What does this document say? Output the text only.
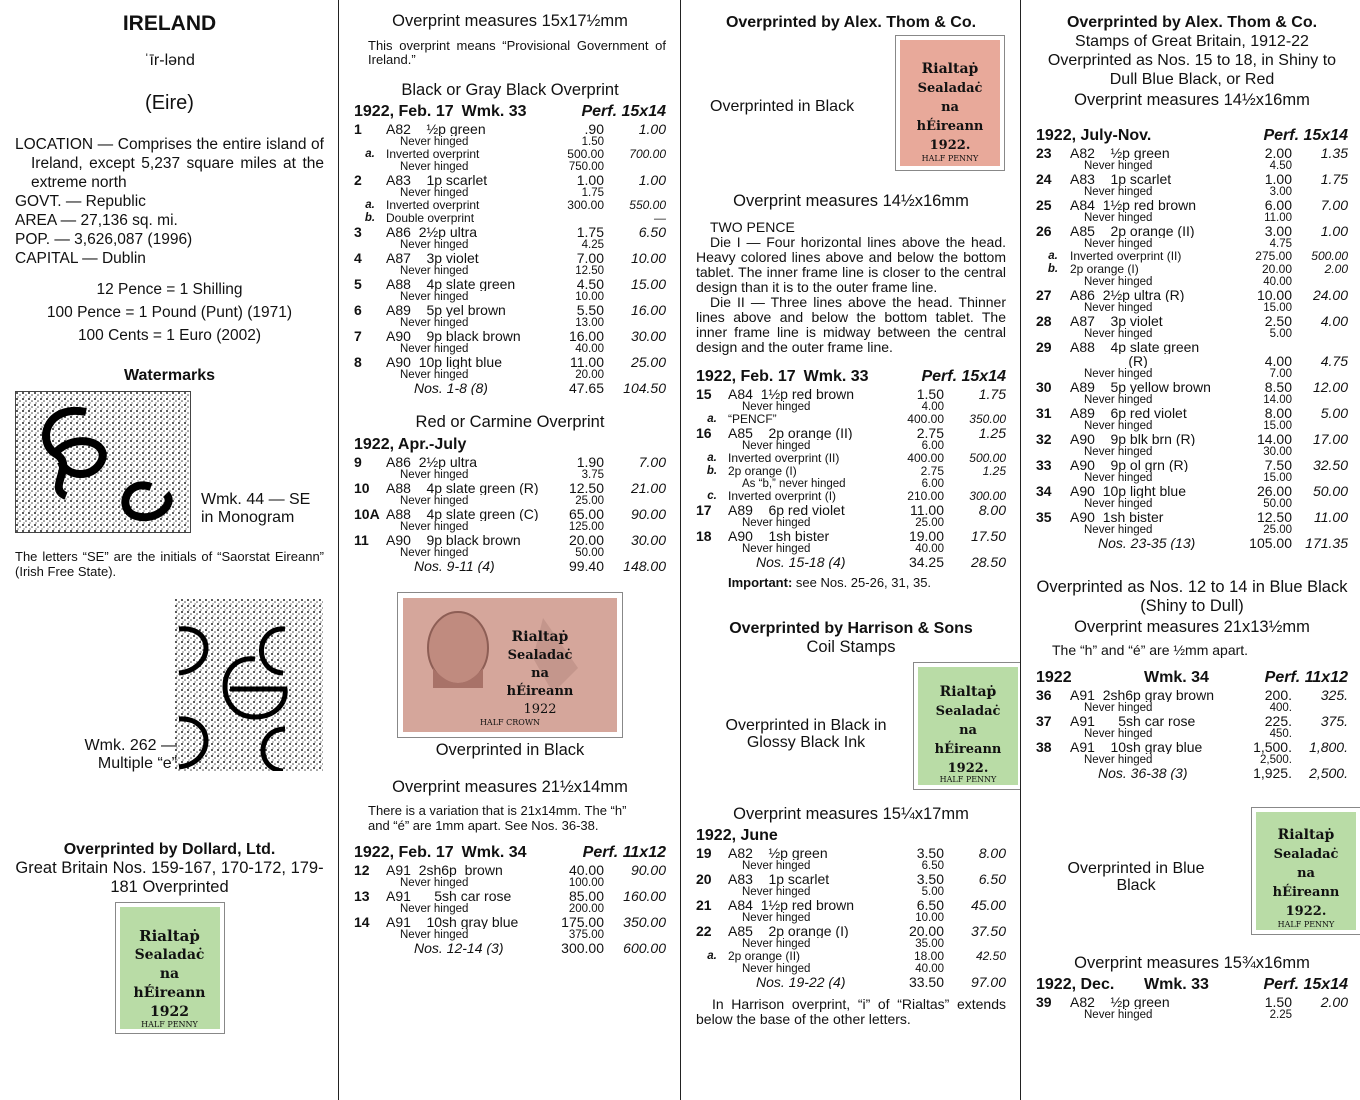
IRELAND
ˈīr-lənd
(Eire)
LOCATION — Comprises the entire island of Ireland, except 5,237 square miles at the extreme north
GOVT. — Republic
AREA — 27,136 sq. mi.
POP. — 3,626,087 (1996)
CAPITAL — Dublin
12 Pence = 1 Shilling
100 Pence = 1 Pound (Punt) (1971)
100 Cents = 1 Euro (2002)
Watermarks
Wmk. 44 — SE in Monogram
The letters “SE” are the initials of “Saorstat Eireann” (Irish Free State).
Wmk. 262 — Multiple “e”
Overprinted by Dollard, Ltd.
Great Britain Nos. 159-167, 170-172, 179-181 Overprinted
Rialtaṗ
Sealadaċ
na
hÉireann
1922
HALF PENNY
Overprint measures 15x17½mm
This overprint means “Provisional Government of Ireland.”
Black or Gray Black Overprint
1922, Feb. 17 Wmk. 33	Perf. 15x14
1	A82    ½p green	.90	1.00
Never hinged	1.50
a. Inverted overprint	500.00	700.00
Never hinged	750.00
2	A83    1p scarlet	1.00	1.00
Never hinged	1.75
a. Inverted overprint	300.00	550.00
b. Double overprint	—
3	A86  2½p ultra	1.75	6.50
Never hinged	4.25
4	A87    3p violet	7.00	10.00
Never hinged	12.50
5	A88    4p slate green	4.50	15.00
Never hinged	10.00
6	A89    5p yel brown	5.50	16.00
Never hinged	13.00
7	A90    9p black brown	16.00	30.00
Never hinged	40.00
8	A90  10p light blue	11.00	25.00
Never hinged	20.00
Nos. 1-8 (8)	47.65	104.50
Red or Carmine Overprint
1922, Apr.-July
9	A86  2½p ultra	1.90	7.00
Never hinged	3.75
10	A88    4p slate green (R)	12.50	21.00
Never hinged	25.00
10A A88    4p slate green (C)	65.00	90.00
Never hinged	125.00
11	A90    9p black brown	20.00	30.00
Never hinged	50.00
Nos. 9-11 (4)	99.40	148.00
Rialtaṗ
Sealadaċ
na
hÉireann
1922
HALF CROWN
Overprinted in Black
Overprint measures 21½x14mm
There is a variation that is 21x14mm. The “h” and “é” are 1mm apart. See Nos. 36-38.
1922, Feb. 17 Wmk. 34	Perf. 11x12
12	A91  2sh6p  brown	40.00	90.00
Never hinged	100.00
13	A91      5sh car rose	85.00	160.00
Never hinged	200.00
14	A91    10sh gray blue	175.00	350.00
Never hinged	375.00
Nos. 12-14 (3)	300.00	600.00
Overprinted by Alex. Thom & Co.
Overprinted in Black
Rialtaṗ
Sealadaċ
na
hÉireann
1922.
HALF PENNY
Overprint measures 14½x16mm
TWO PENCE
Die I — Four horizontal lines above the head. Heavy colored lines above and below the bottom tablet. The inner frame line is closer to the central design than it is to the outer frame line.
Die II — Three lines above the head. Thinner lines above and below the bottom tablet. The inner frame line is midway between the central design and the outer frame line.
1922, Feb. 17 Wmk. 33	Perf. 15x14
15	A84  1½p red brown	1.50	1.75
Never hinged	4.00
a. “PENCF”	400.00	350.00
16	A85    2p orange (II)	2.75	1.25
Never hinged	6.00
a. Inverted overprint (II)	400.00	500.00
b. 2p orange (I)	2.75	1.25
As “b,” never hinged	6.00
c. Inverted overprint (I)	210.00	300.00
17	A89    6p red violet	11.00	8.00
Never hinged	25.00
18	A90    1sh bister	19.00	17.50
Never hinged	40.00
Nos. 15-18 (4)	34.25	28.50
Important: see Nos. 25-26, 31, 35.
Overprinted by Harrison & Sons
Coil Stamps
Overprinted in Black in Glossy Black Ink
Rialtaṗ
Sealadaċ
na
hÉireann
1922.
HALF PENNY
Overprint measures 15¼x17mm
1922, June
19	A82    ½p green	3.50	8.00
Never hinged	6.50
20	A83    1p scarlet	3.50	6.50
Never hinged	5.00
21	A84  1½p red brown	6.50	45.00
Never hinged	10.00
22	A85    2p orange (I)	20.00	37.50
Never hinged	35.00
a. 2p orange (II)	18.00	42.50
Never hinged	40.00
Nos. 19-22 (4)	33.50	97.00
In Harrison overprint, “i” of “Rialtas” extends below the base of the other letters.
Overprinted by Alex. Thom & Co.
Stamps of Great Britain, 1912-22 Overprinted as Nos. 15 to 18, in Shiny to Dull Blue Black, or Red
Overprint measures 14½x16mm
1922, July-Nov.	Perf. 15x14
23	A82    ½p green	2.00	1.35
Never hinged	4.50
24	A83    1p scarlet	1.00	1.75
Never hinged	3.00
25	A84  1½p red brown	6.00	7.00
Never hinged	11.00
26	A85    2p orange (II)	3.00	1.00
Never hinged	4.75
a.	Inverted overprint (II)	275.00	500.00
b. 2p orange (I)	20.00	2.00
Never hinged	40.00
27	A86  2½p ultra (R)	10.00	24.00
Never hinged	15.00
28	A87    3p violet	2.50	4.00
Never hinged	5.00
29	A88    4p slate green
(R)	4.00	4.75
Never hinged	7.00
30	A89    5p yellow brown	8.50	12.00
Never hinged	14.00
31	A89    6p red violet	8.00	5.00
Never hinged	15.00
32	A90    9p blk brn (R)	14.00	17.00
Never hinged	30.00
33	A90    9p ol grn (R)	7.50	32.50
Never hinged	15.00
34	A90  10p light blue	26.00	50.00
Never hinged	50.00
35	A90  1sh bister	12.50	11.00
Never hinged	25.00
Nos. 23-35 (13)	105.00 171.35
Overprinted as Nos. 12 to 14 in Blue Black (Shiny to Dull)
Overprint measures 21x13½mm
The “h” and “é” are ½mm apart.
1922	Wmk. 34	Perf. 11x12
36	A91  2sh6p gray brown	200.	325.
Never hinged	400.
37	A91      5sh car rose	225.	375.
Never hinged	450.
38	A91    10sh gray blue	1,500.	1,800.
Never hinged	2,500.
Nos. 36-38 (3)	1,925.	2,500.
Overprinted in Blue Black
Rialtaṗ
Sealadaċ
na
hÉireann
1922.
HALF PENNY
Overprint measures 15¾x16mm
1922, Dec.	Wmk. 33	Perf. 15x14
39	A82    ½p green	1.50	2.00
Never hinged	2.25
